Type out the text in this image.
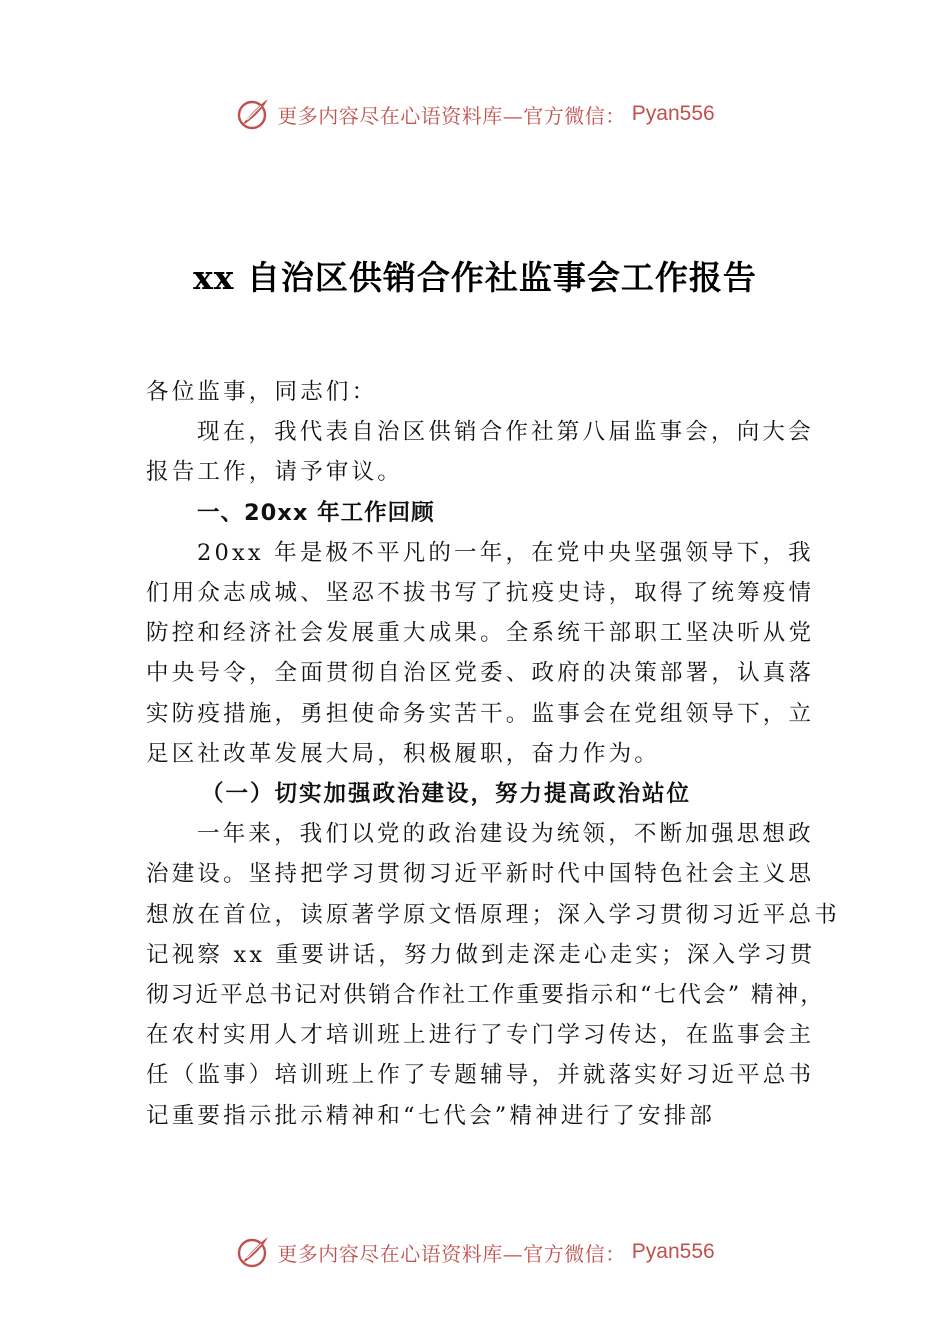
更多内容尽在心语资料库—官方微信： Pyan556
xx 自治区供销合作社监事会工作报告

各位监事，同志们：

现在，我代表自治区供销合作社第八届监事会，向大会报告工作，请予审议。

一、20xx 年工作回顾

20xx 年是极不平凡的一年，在党中央坚强领导下，我们用众志成城、坚忍不拔书写了抗疫史诗，取得了统筹疫情防控和经济社会发展重大成果。全系统干部职工坚决听从党中央号令，全面贯彻自治区党委、政府的决策部署，认真落实防疫措施，勇担使命务实苦干。监事会在党组领导下，立足区社改革发展大局，积极履职，奋力作为。

（一）切实加强政治建设，努力提高政治站位

一年来，我们以党的政治建设为统领，不断加强思想政

治建设。坚持把学习贯彻习近平新时代中国特色社会主义思

想放在首位，读原著学原文悟原理；深入学习贯彻习近平总书

记视察 xx 重要讲话，努力做到走深走心走实；深入学习贯

彻习近平总书记对供销合作社工作重要指示和“七代会” 精神，

在农村实用人才培训班上进行了专门学习传达，在监事会主

任（监事）培训班上作了专题辅导，并就落实好习近平总书

记重要指示批示精神和“七代会”精神进行了安排部

更多内容尽在心语资料库—官方微信： Pyan556
